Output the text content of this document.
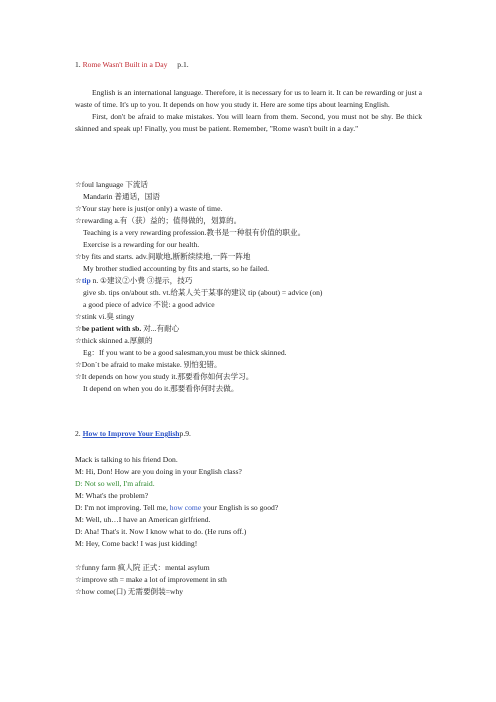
1. Rome Wasn't Built in a Day p.1.

English is an international language. Therefore, it is necessary for us to learn it. It can be rewarding or just a waste of time. It's up to you. It depends on how you study it. Here are some tips about learning English.

First, don't be afraid to make mistakes. You will learn from them. Second, you must not be shy. Be thick skinned and speak up! Finally, you must be patient. Remember, "Rome wasn't built in a day."

☆foul language 下流话
Mandarin 普通话，国语
☆Your stay here is just(or only) a waste of time.
☆rewarding a.有（获）益的；值得做的，划算的。
Teaching is a very rewarding profession.教书是一种很有价值的职业。
Exercise is a rewarding for our health.
☆by fits and starts. adv.间歇地,断断续续地,一阵一阵地
My brother studied accounting by fits and starts, so he failed.
☆tip n. ①建议②小费 ③提示，技巧
give sb. tips on/about sth. vt.给某人关于某事的建议 tip (about) = advice (on)
a good piece of advice 不说: a good advice
☆stink vi.臭 stingy
☆be patient with sb. 对...有耐心
☆thick skinned a.厚颜的
Eg：If you want to be a good salesman,you must be thick skinned.
☆Don`t be afraid to make mistake. 别怕犯错。
☆It depends on how you study it.那要看你如何去学习。
It depend on when you do it.那要看你何时去做。
2. How to Improve Your Englishp.9.
Mack is talking to his friend Don.
M: Hi, Don! How are you doing in your English class?
D: Not so well, I'm afraid.
M: What's the problem?
D: I'm not improving. Tell me, how come your English is so good?
M: Well, uh…I have an American girlfriend.
D: Aha! That's it. Now I know what to do. (He runs off.)
M: Hey, Come back! I was just kidding!
☆funny farm 疯人院 正式：mental asylum
☆improve sth = make a lot of improvement in sth
☆how come(口) 无需要倒装=why
